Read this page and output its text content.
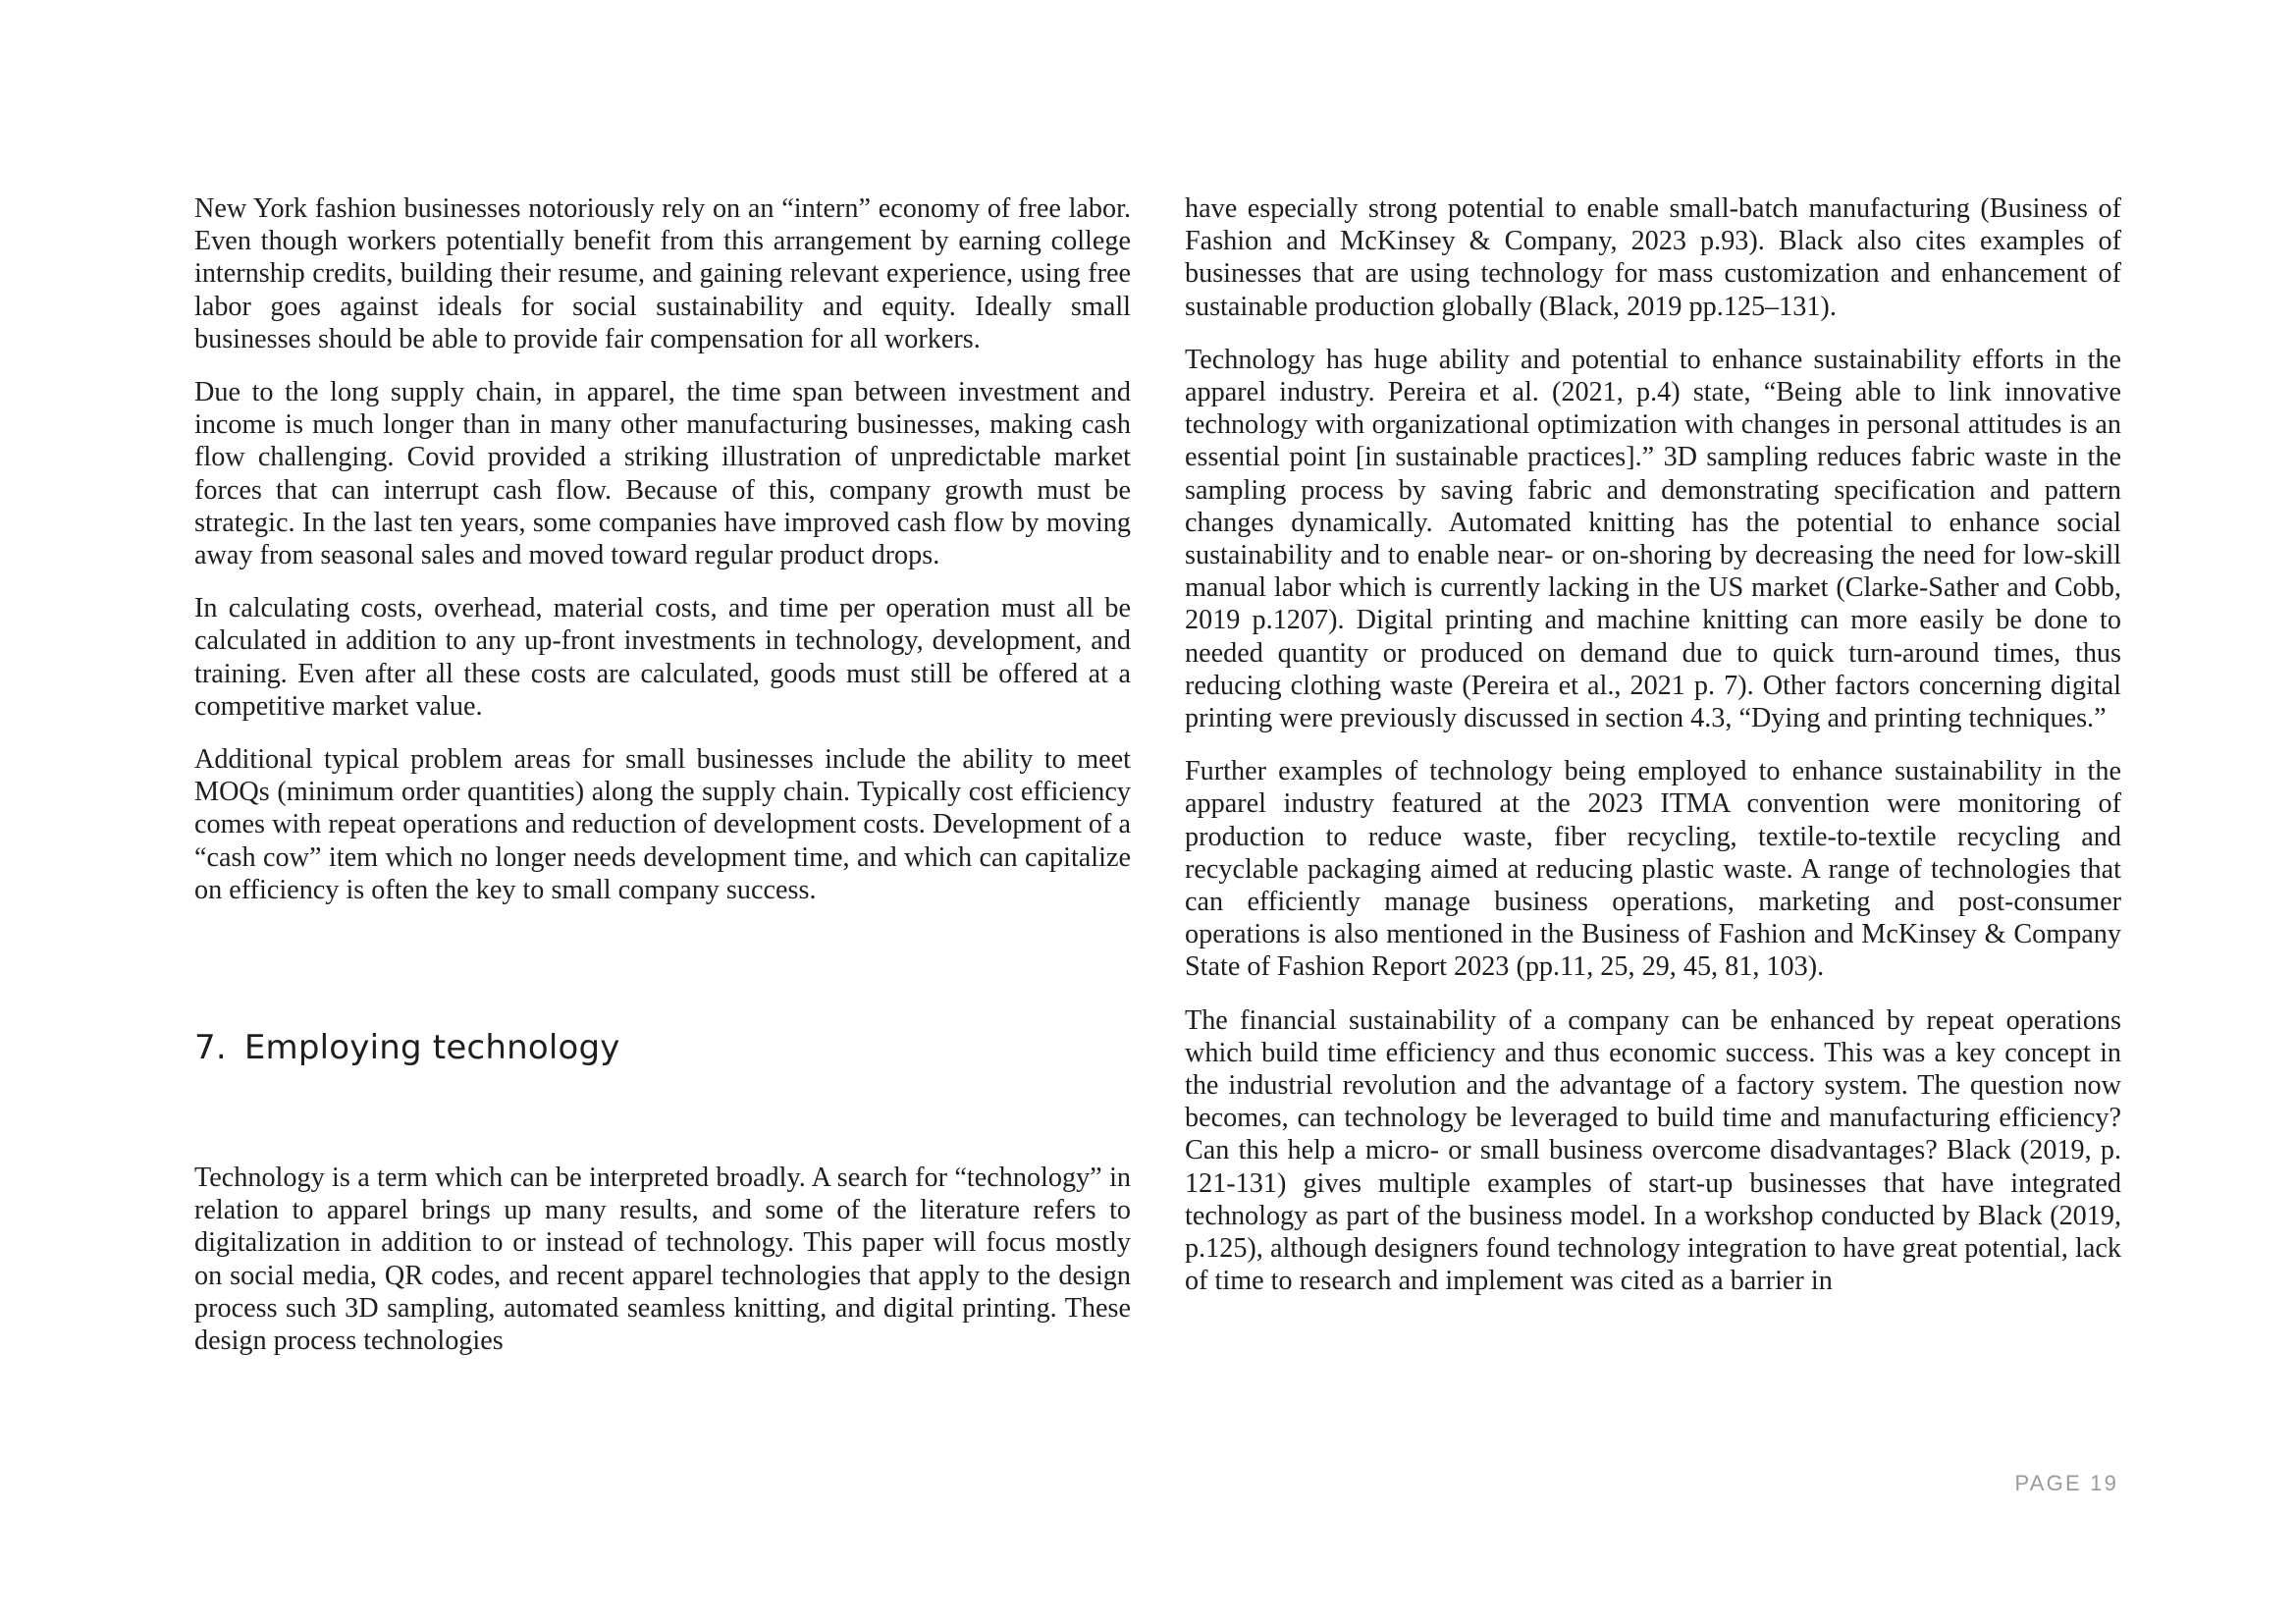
New York fashion businesses notoriously rely on an “intern” economy of free labor. Even though workers potentially benefit from this arrangement by earning college internship credits, building their resume, and gaining relevant experience, using free labor goes against ideals for social sustainability and equity. Ideally small businesses should be able to provide fair compensation for all workers.

Due to the long supply chain, in apparel, the time span between investment and income is much longer than in many other manufacturing businesses, making cash flow challenging. Covid provided a striking illustration of unpredictable market forces that can interrupt cash flow. Because of this, company growth must be strategic. In the last ten years, some companies have improved cash flow by moving away from seasonal sales and moved toward regular product drops.

In calculating costs, overhead, material costs, and time per operation must all be calculated in addition to any up-front investments in technology, development, and training. Even after all these costs are calculated, goods must still be offered at a competitive market value.

Additional typical problem areas for small businesses include the ability to meet MOQs (minimum order quantities) along the supply chain. Typically cost efficiency comes with repeat operations and reduction of development costs. Development of a “cash cow” item which no longer needs development time, and which can capitalize on efficiency is often the key to small company success.

7. Employing technology

Technology is a term which can be interpreted broadly. A search for “technology” in relation to apparel brings up many results, and some of the literature refers to digitalization in addition to or instead of technology. This paper will focus mostly on social media, QR codes, and recent apparel technologies that apply to the design process such 3D sampling, automated seamless knitting, and digital printing. These design process technologies

have especially strong potential to enable small-batch manufacturing (Business of Fashion and McKinsey & Company, 2023 p.93). Black also cites examples of businesses that are using technology for mass customization and enhancement of sustainable production globally (Black, 2019 pp.125–131).

Technology has huge ability and potential to enhance sustainability efforts in the apparel industry. Pereira et al. (2021, p.4) state, “Being able to link innovative technology with organizational optimization with changes in personal attitudes is an essential point [in sustainable practices].” 3D sampling reduces fabric waste in the sampling process by saving fabric and demonstrating specification and pattern changes dynamically. Automated knitting has the potential to enhance social sustainability and to enable near- or on-shoring by decreasing the need for low-skill manual labor which is currently lacking in the US market (Clarke-Sather and Cobb, 2019 p.1207). Digital printing and machine knitting can more easily be done to needed quantity or produced on demand due to quick turn-around times, thus reducing clothing waste (Pereira et al., 2021 p. 7). Other factors concerning digital printing were previously discussed in section 4.3, “Dying and printing techniques.”

Further examples of technology being employed to enhance sustainability in the apparel industry featured at the 2023 ITMA convention were monitoring of production to reduce waste, fiber recycling, textile-to-textile recycling and recyclable packaging aimed at reducing plastic waste. A range of technologies that can efficiently manage business operations, marketing and post-consumer operations is also mentioned in the Business of Fashion and McKinsey & Company State of Fashion Report 2023 (pp.11, 25, 29, 45, 81, 103).

The financial sustainability of a company can be enhanced by repeat operations which build time efficiency and thus economic success. This was a key concept in the industrial revolution and the advantage of a factory system. The question now becomes, can technology be leveraged to build time and manufacturing efficiency? Can this help a micro- or small business overcome disadvantages? Black (2019, p. 121-131) gives multiple examples of start-up businesses that have integrated technology as part of the business model. In a workshop conducted by Black (2019, p.125), although designers found technology integration to have great potential, lack of time to research and implement was cited as a barrier in

PAGE 19
